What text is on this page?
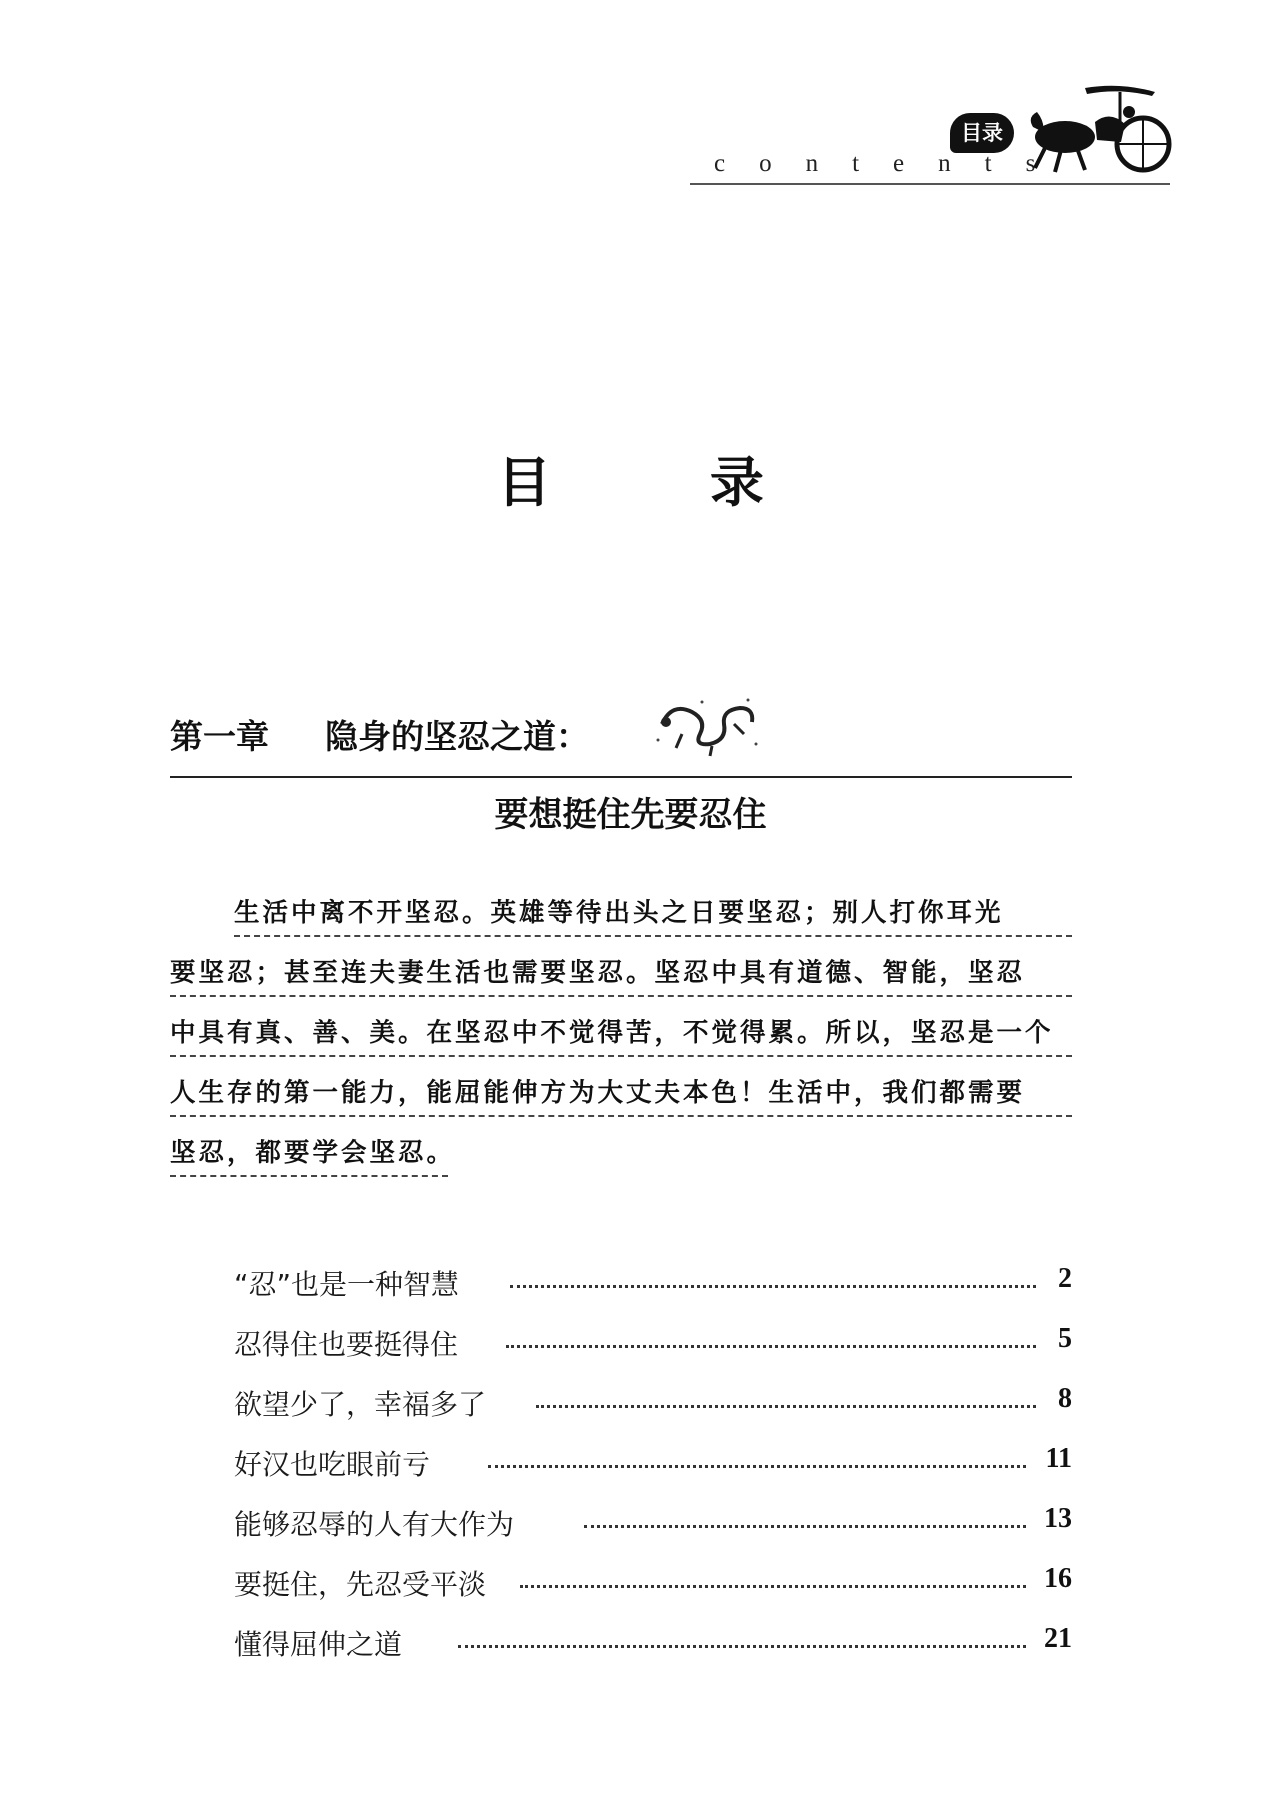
目录
contents
目 录
第一章 隐身的坚忍之道：
要想挺住先要忍住
生活中离不开坚忍。英雄等待出头之日要坚忍；别人打你耳光
要坚忍；甚至连夫妻生活也需要坚忍。坚忍中具有道德、智能，坚忍
中具有真、善、美。在坚忍中不觉得苦，不觉得累。所以，坚忍是一个
人生存的第一能力，能屈能伸方为大丈夫本色！生活中，我们都需要
坚忍，都要学会坚忍。
“忍”也是一种智慧	2
忍得住也要挺得住	5
欲望少了，幸福多了	8
好汉也吃眼前亏	11
能够忍辱的人有大作为	13
要挺住，先忍受平淡	16
懂得屈伸之道	21
